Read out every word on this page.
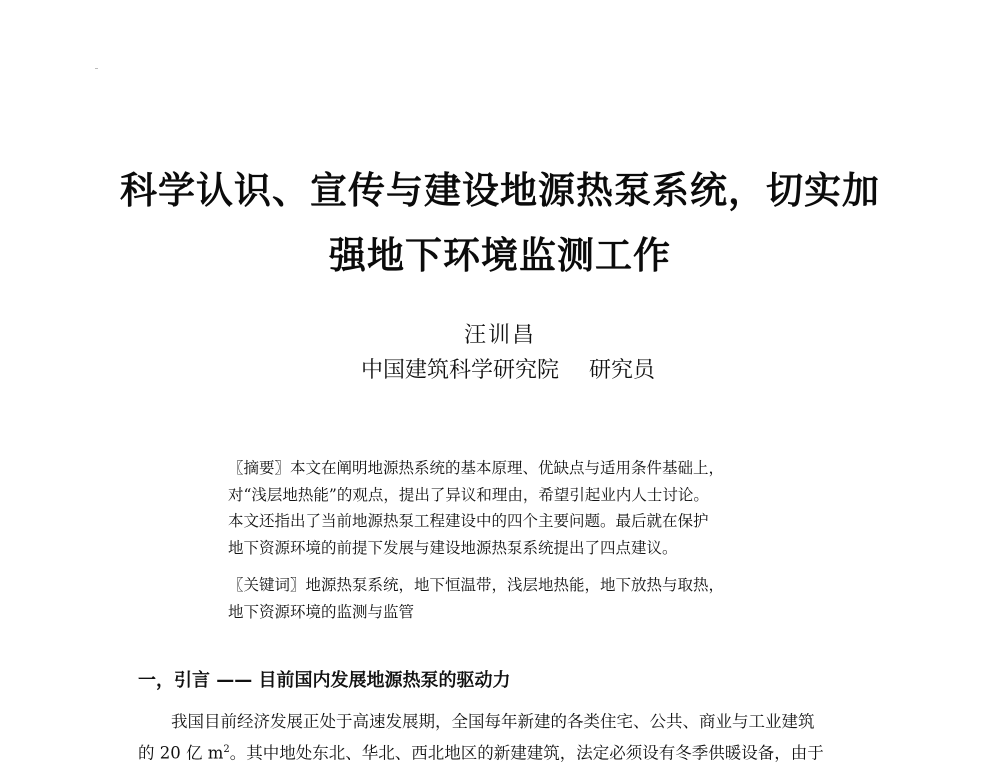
科学认识、宣传与建设地源热泵系统，切实加
强地下环境监测工作
汪训昌
中国建筑科学研究院 研究员

〖摘要〗本文在阐明地源热系统的基本原理、优缺点与适用条件基础上，
对“浅层地热能”的观点，提出了异议和理由，希望引起业内人士讨论。
本文还指出了当前地源热泵工程建设中的四个主要问题。最后就在保护
地下资源环境的前提下发展与建设地源热泵系统提出了四点建议。

〖关键词〗地源热泵系统，地下恒温带，浅层地热能，地下放热与取热，
地下资源环境的监测与监管

一，引言 —— 目前国内发展地源热泵的驱动力
我国目前经济发展正处于高速发展期，全国每年新建的各类住宅、公共、商业与工业建筑
的 20 亿 $m^2$。其中地处东北、华北、西北地区的新建建筑，法定必须设有冬季供暖设备，由于
